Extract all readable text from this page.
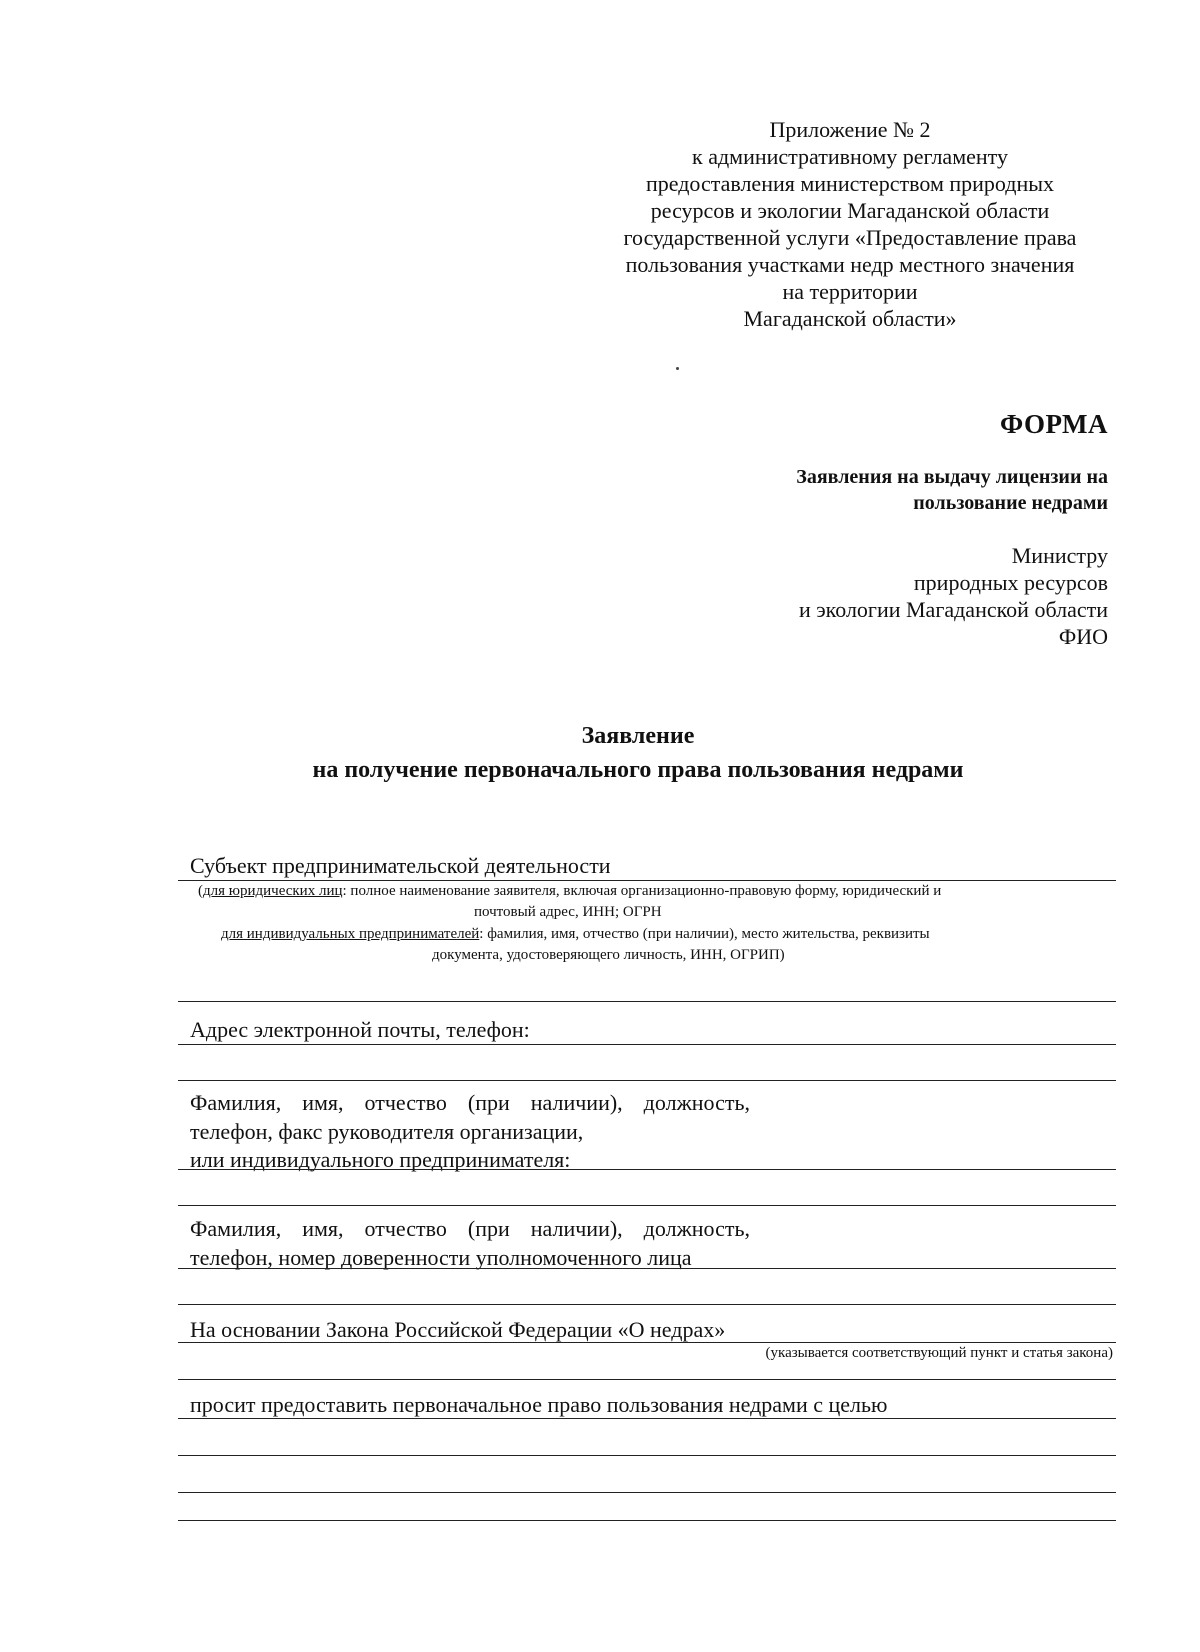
Приложение № 2
к административному регламенту
предоставления министерством природных
ресурсов и экологии Магаданской области
государственной услуги «Предоставление права
пользования участками недр местного значения
на территории
Магаданской области»
ФОРМА
Заявления на выдачу лицензии на
пользование недрами
Министру
природных ресурсов
и экологии Магаданской области
ФИО
Заявление
на получение первоначального права пользования недрами
Субъект предпринимательской деятельности
(для юридических лиц: полное наименование заявителя, включая организационно-правовую форму, юридический и
почтовый адрес, ИНН; ОГРН
для индивидуальных предпринимателей: фамилия, имя, отчество (при наличии), место жительства, реквизиты
документа, удостоверяющего личность, ИНН, ОГРИП)
Адрес электронной почты, телефон:
Фамилия, имя, отчество (при наличии), должность,
телефон, факс руководителя организации,
или индивидуального предпринимателя:
Фамилия, имя, отчество (при наличии), должность,
телефон, номер доверенности уполномоченного лица
На основании Закона Российской Федерации «О недрах»
(указывается соответствующий пункт и статья закона)
просит предоставить первоначальное право пользования недрами с целью
